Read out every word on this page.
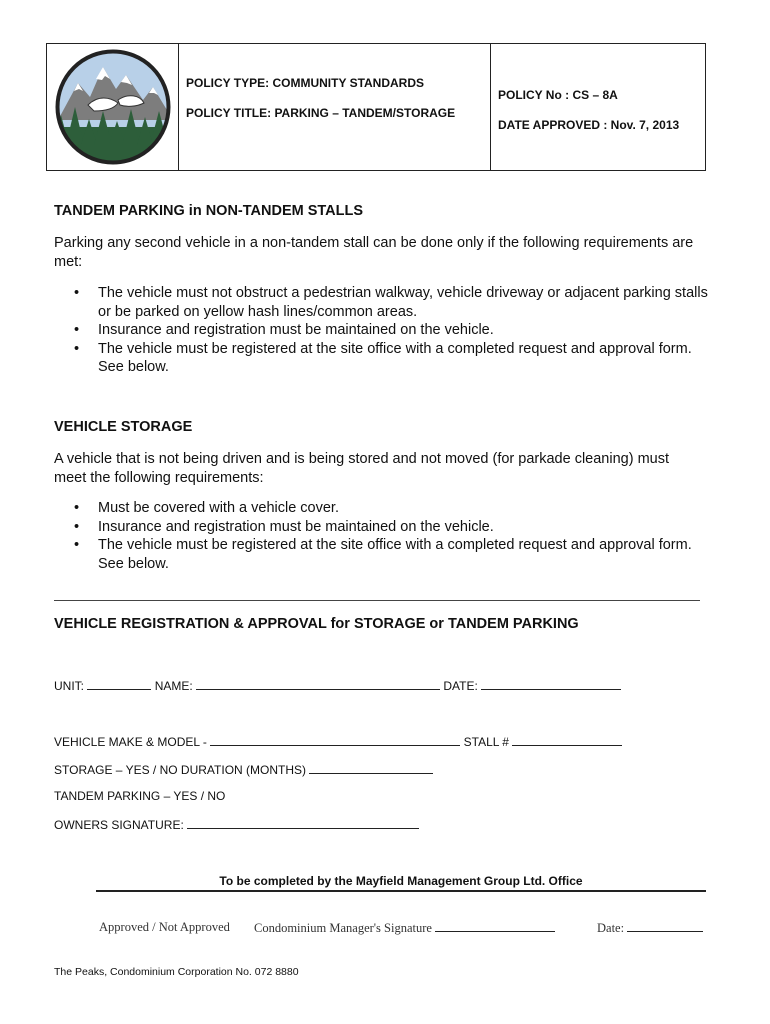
POLICY TYPE: COMMUNITY STANDARDS
POLICY TITLE: PARKING – TANDEM/STORAGE
POLICY No : CS – 8A
DATE APPROVED : Nov. 7, 2013
TANDEM PARKING in NON-TANDEM STALLS
Parking any second vehicle in a non-tandem stall can be done only if the following requirements are met:
• The vehicle must not obstruct a pedestrian walkway, vehicle driveway or adjacent parking stalls or be parked on yellow hash lines/common areas.
• Insurance and registration must be maintained on the vehicle.
• The vehicle must be registered at the site office with a completed request and approval form. See below.
VEHICLE STORAGE
A vehicle that is not being driven and is being stored and not moved (for parkade cleaning) must meet the following requirements:
• Must be covered with a vehicle cover.
• Insurance and registration must be maintained on the vehicle.
• The vehicle must be registered at the site office with a completed request and approval form. See below.
VEHICLE REGISTRATION & APPROVAL for STORAGE or TANDEM PARKING
UNIT:	NAME:	DATE:
VEHICLE MAKE & MODEL -	STALL #
STORAGE – YES / NO DURATION (MONTHS)
TANDEM PARKING – YES / NO
OWNERS SIGNATURE:
To be completed by the Mayfield Management Group Ltd. Office
Approved / Not Approved Condominium Manager's Signature	Date:
The Peaks, Condominium Corporation No. 072 8880
